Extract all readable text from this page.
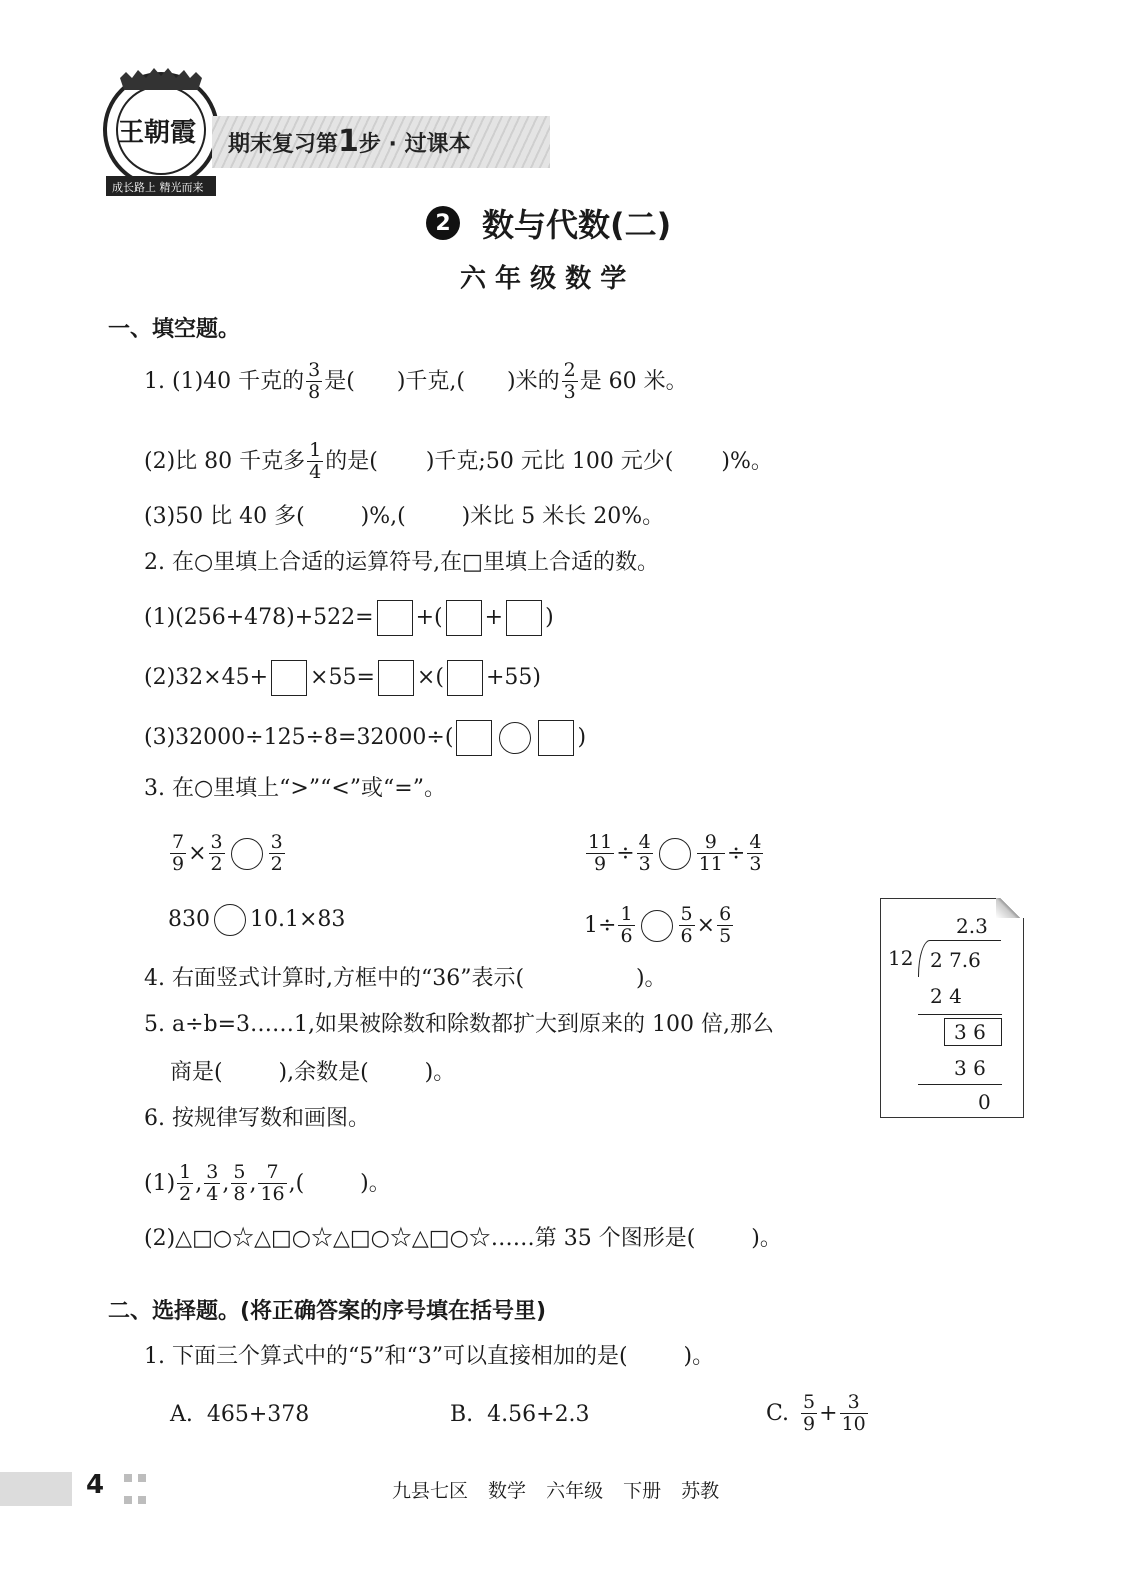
王朝霞
成长路上 精光而来
期末复习第1步 · 过课本
2 数与代数(二)
六 年 级 数 学
一、填空题。
1. (1)40 千克的 $\frac{3}{8}$ 是( )千克,( )米的 $\frac{2}{3}$ 是 60 米。
(2)比 80 千克多 $\frac{1}{4}$ 的是( )千克;50 元比 100 元少( )%。
(3)50 比 40 多(        )%,(        )米比 5 米长 20%。
2. 在○里填上合适的运算符号,在□里填上合适的数。
(1)(256+478)+522= +( + )
(2)32×45+ ×55= ×( +55)
(3)32000÷125÷8=32000÷(	)
3. 在○里填上“>”“<”或“=”。
$\frac{7}{9} \times \frac{3}{2} \frac{3}{2}$	$\frac{11}{9} \div \frac{4}{3} \frac{9}{11} \div \frac{4}{3}$
830 10.1×83	$1\div \frac{1}{6} \frac{5}{6} \times \frac{6}{5}$
4. 右面竖式计算时,方框中的“36”表示(                )。
5. a÷b=3……1,如果被除数和除数都扩大到原来的 100 倍,那么
商是(        ),余数是(        )。
6. 按规律写数和画图。
$(1) \frac{1}{2}$ , $\frac{3}{4}$ , $\frac{5}{8}$ , $\frac{7}{16}$ ,(        )。
(2)△□○☆△□○☆△□○☆△□○☆……第 35 个图形是(        )。
2.3
12 2 7.6
2 4
3 6
3 6
0
二、选择题。(将正确答案的序号填在括号里)
1. 下面三个算式中的“5”和“3”可以直接相加的是(        )。
A.  465+378	B.  4.56+2.3	C. $\frac{5}{9} + \frac{3}{10}$
4	九县七区 数学 六年级 下册 苏教
